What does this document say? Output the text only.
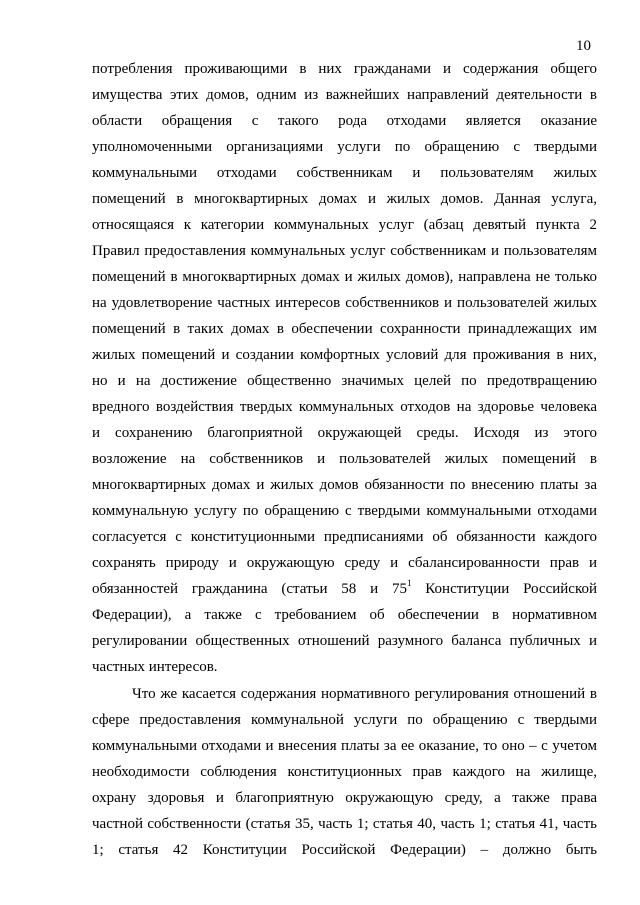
10
потребления проживающими в них гражданами и содержания общего
имущества этих домов, одним из важнейших направлений деятельности в
области обращения с такого рода отходами является оказание
уполномоченными организациями услуги по обращению с твердыми
коммунальными отходами собственникам и пользователям жилых
помещений в многоквартирных домах и жилых домов. Данная услуга,
относящаяся к категории коммунальных услуг (абзац девятый пункта 2
Правил предоставления коммунальных услуг собственникам и пользователям
помещений в многоквартирных домах и жилых домов), направлена не только
на удовлетворение частных интересов собственников и пользователей жилых
помещений в таких домах в обеспечении сохранности принадлежащих им
жилых помещений и создании комфортных условий для проживания в них,
но и на достижение общественно значимых целей по предотвращению
вредного воздействия твердых коммунальных отходов на здоровье человека
и сохранению благоприятной окружающей среды. Исходя из этого
возложение на собственников и пользователей жилых помещений в
многоквартирных домах и жилых домов обязанности по внесению платы за
коммунальную услугу по обращению с твердыми коммунальными отходами
согласуется с конституционными предписаниями об обязанности каждого
сохранять природу и окружающую среду и сбалансированности прав и
обязанностей гражданина (статьи 58 и $75^1$ Конституции Российской
Федерации), а также с требованием об обеспечении в нормативном
регулировании общественных отношений разумного баланса публичных и
частных интересов.
Что же касается содержания нормативного регулирования отношений в
сфере предоставления коммунальной услуги по обращению с твердыми
коммунальными отходами и внесения платы за ее оказание, то оно – с учетом
необходимости соблюдения конституционных прав каждого на жилище,
охрану здоровья и благоприятную окружающую среду, а также права
частной собственности (статья 35, часть 1; статья 40, часть 1; статья 41, часть
1; статья 42 Конституции Российской Федерации) – должно быть
